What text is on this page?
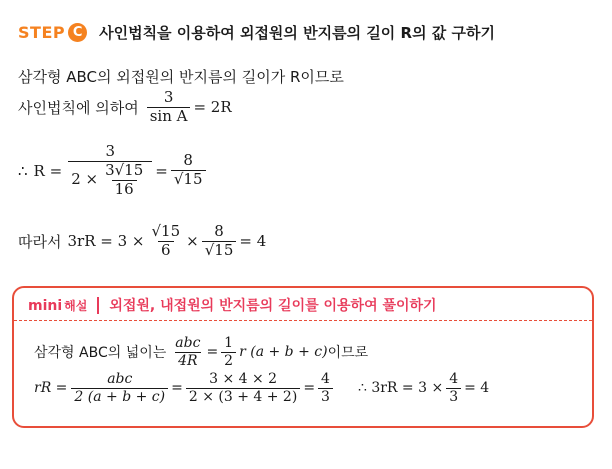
STEP C	사인법칙을 이용하여 외접원의 반지름의 길이 R의 값 구하기
삼각형 ABC의 외접원의 반지름의 길이가 R이므로
사인법칙에 의하여 $\frac{3}{\text{sin A}} = 2R$
∴ $R = \frac{3}{2 \times \frac{3√15}{16}} = \frac{8}{√15}$
따라서 $3rR = 3 \times \frac{√15}{6} \times \frac{8}{√15} = 4$
mini 해설 외접원, 내접원의 반지름의 길이를 이용하여 풀이하기
삼각형 ABC의 넓이는 $\frac{\text{abc}}{4R} = \frac{1}{2}$ r (a + b + c) 이므로
rR = $\frac{\text{abc}}{2 (a + b + c)} = \frac{3 \times 4 \times 2}{2 \times (3 + 4 + 2)} = \frac{4}{3}$ ∴ $3rR = 3 \times \frac{4}{3} = 4$
